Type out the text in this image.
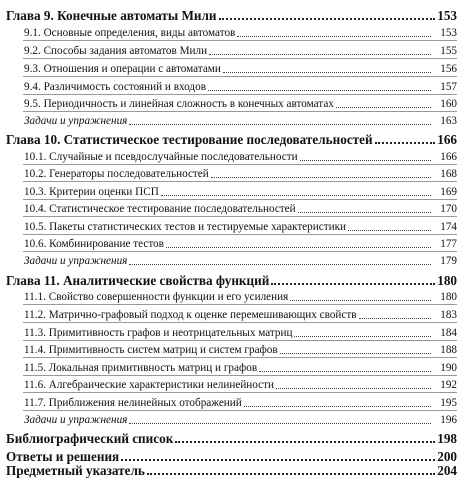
Глава 9. Конечные автоматы Мили	153
9.1. Основные определения, виды автоматов	153
9.2. Способы задания автоматов Мили	155
9.3. Отношения и операции с автоматами	156
9.4. Различимость состояний и входов	157
9.5. Периодичность и линейная сложность в конечных автоматах	160
Задачи и упражнения	163
Глава 10. Статистическое тестирование последовательностей	166
10.1. Случайные и псевдослучайные последовательности	166
10.2. Генераторы последовательностей	168
10.3. Критерии оценки ПСП	169
10.4. Статистическое тестирование последовательностей	170
10.5. Пакеты статистических тестов и тестируемые характеристики	174
10.6. Комбинирование тестов	177
Задачи и упражнения	179
Глава 11. Аналитические свойства функций	180
11.1. Свойство совершенности функции и его усиления	180
11.2. Матрично-графовый подход к оценке перемешивающих свойств	183
11.3. Примитивность графов и неотрицательных матриц	184
11.4. Примитивность систем матриц и систем графов	188
11.5. Локальная примитивность матриц и графов	190
11.6. Алгебраические характеристики нелинейности	192
11.7. Приближения нелинейных отображений	195
Задачи и упражнения	196
Библиографический список	198
Ответы и решения	200
Предметный указатель	204
